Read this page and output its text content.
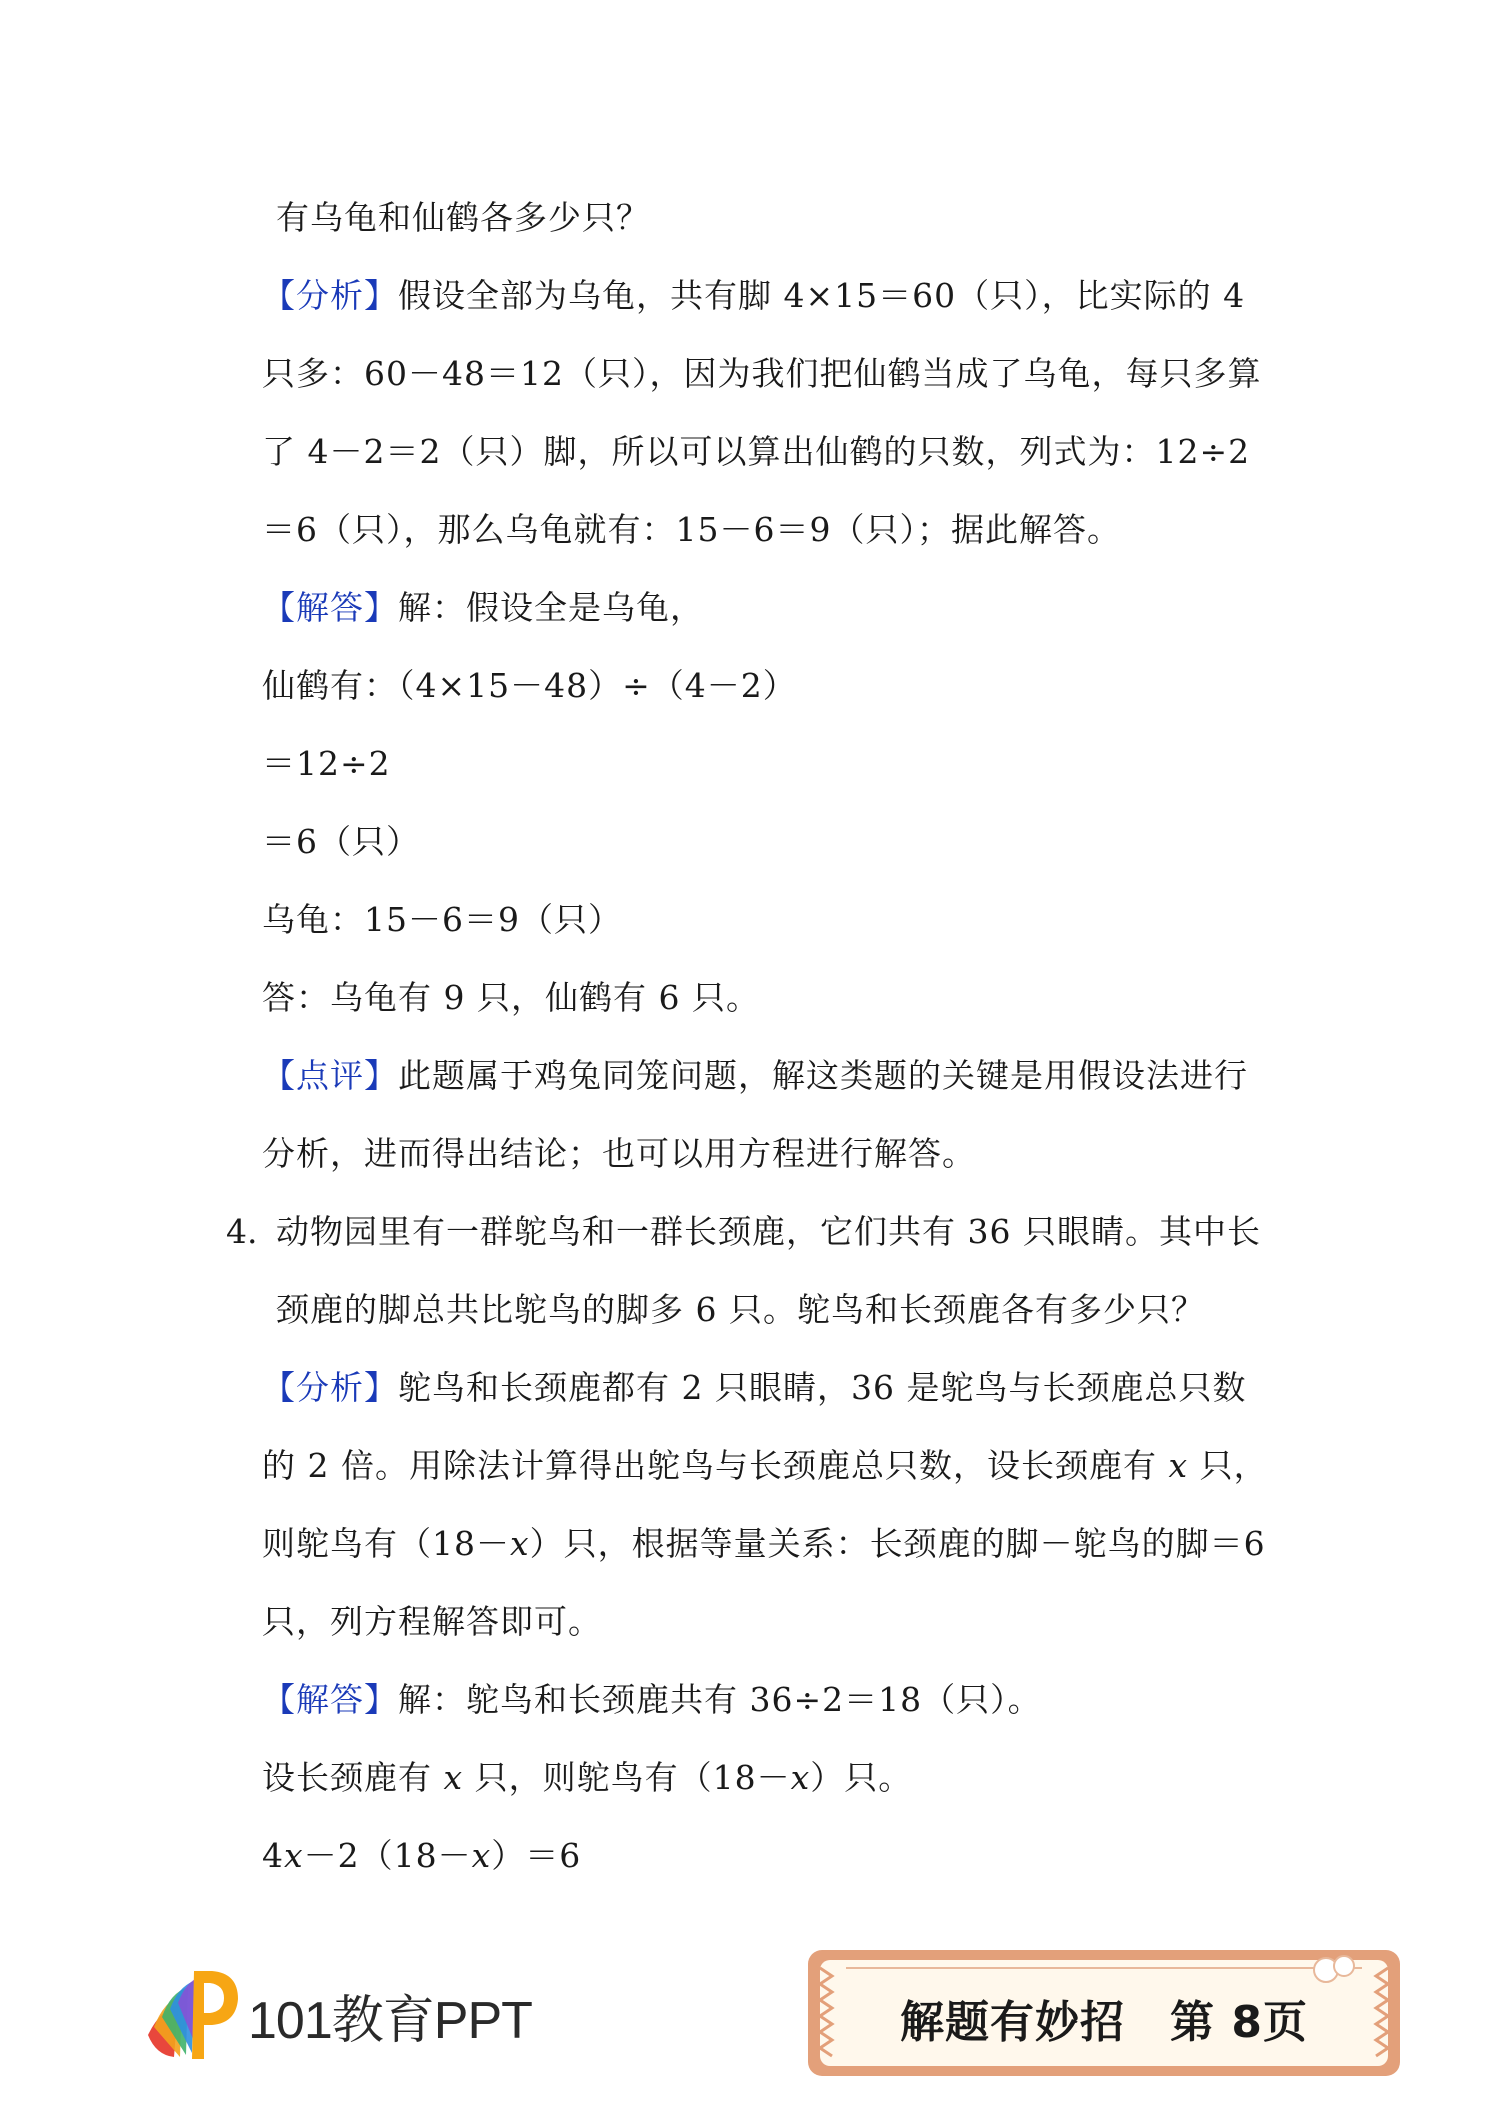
有乌龟和仙鹤各多少只？
【分析】假设全部为乌龟，共有脚 4×15＝60（只），比实际的 4
只多：60－48＝12（只），因为我们把仙鹤当成了乌龟，每只多算
了 4－2＝2（只）脚，所以可以算出仙鹤的只数，列式为：12÷2
＝6（只），那么乌龟就有：15－6＝9（只）；据此解答。
【解答】解：假设全是乌龟，
仙鹤有：（4×15－48）÷（4－2）
＝12÷2
＝6（只）
乌龟：15－6＝9（只）
答：乌龟有 9 只，仙鹤有 6 只。
【点评】此题属于鸡兔同笼问题，解这类题的关键是用假设法进行
分析，进而得出结论；也可以用方程进行解答。
4. 动物园里有一群鸵鸟和一群长颈鹿，它们共有 36 只眼睛。其中长
颈鹿的脚总共比鸵鸟的脚多 6 只。鸵鸟和长颈鹿各有多少只？
【分析】鸵鸟和长颈鹿都有 2 只眼睛，36 是鸵鸟与长颈鹿总只数
的 2 倍。用除法计算得出鸵鸟与长颈鹿总只数，设长颈鹿有 x 只，
则鸵鸟有（18－x）只，根据等量关系：长颈鹿的脚－鸵鸟的脚＝6
只，列方程解答即可。
【解答】解：鸵鸟和长颈鹿共有 36÷2＝18（只）。
设长颈鹿有 x 只，则鸵鸟有（18－x）只。
4x－2（18－x）＝6
101教育PPT	解题有妙招　第 8页
